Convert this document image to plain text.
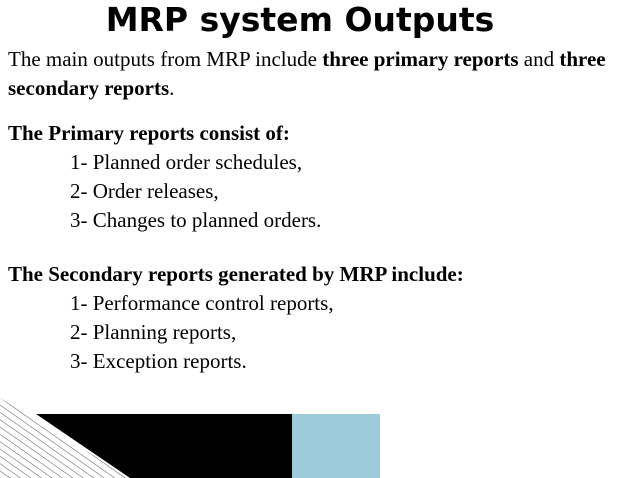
MRP system Outputs

The main outputs from MRP include three primary reports and three secondary reports.

The Primary reports consist of:

1- Planned order schedules,
2- Order releases,
3- Changes to planned orders.

The Secondary reports generated by MRP include:

1- Performance control reports,
2- Planning reports,
3- Exception reports.
